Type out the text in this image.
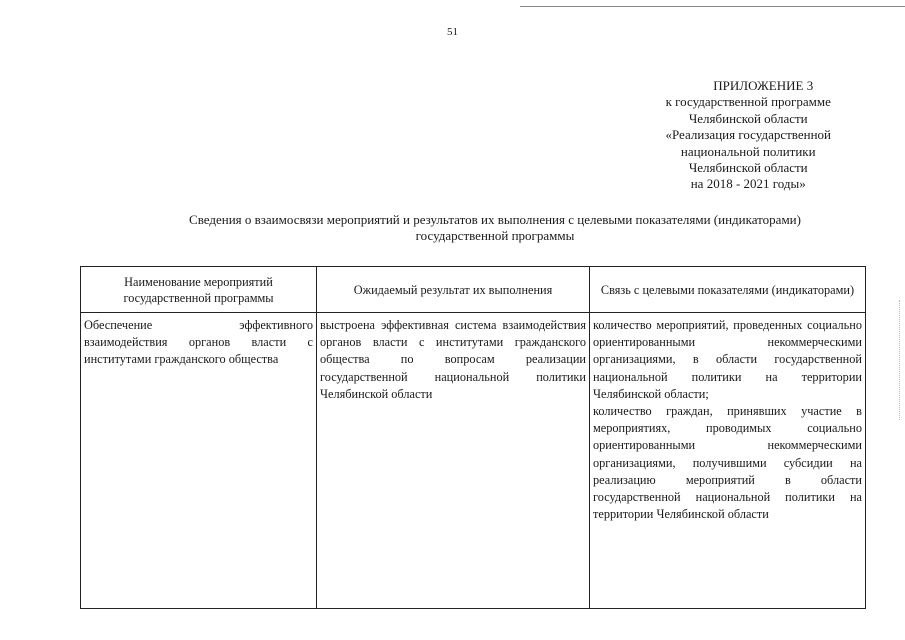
51
ПРИЛОЖЕНИЕ 3
к государственной программе
Челябинской области
«Реализация государственной
национальной политики
Челябинской области
на 2018 - 2021 годы»
Сведения о взаимосвязи мероприятий и результатов их выполнения с целевыми показателями (индикаторами)
государственной программы
Наименование мероприятий государственной программы	Ожидаемый результат их выполнения	Связь с целевыми показателями (индикаторами)
Обеспечение эффективного взаимодействия органов власти с институтами гражданского общества	выстроена эффективная система взаимодействия органов власти с институтами гражданского общества по вопросам реализации государственной национальной политики Челябинской области	количество мероприятий, проведенных социально ориентированными некоммерческими организациями, в области государственной национальной политики на территории Челябинской области;
количество граждан, принявших участие в мероприятиях, проводимых социально ориентированными некоммерческими организациями, получившими субсидии на реализацию мероприятий в области государственной национальной политики на территории Челябинской области
